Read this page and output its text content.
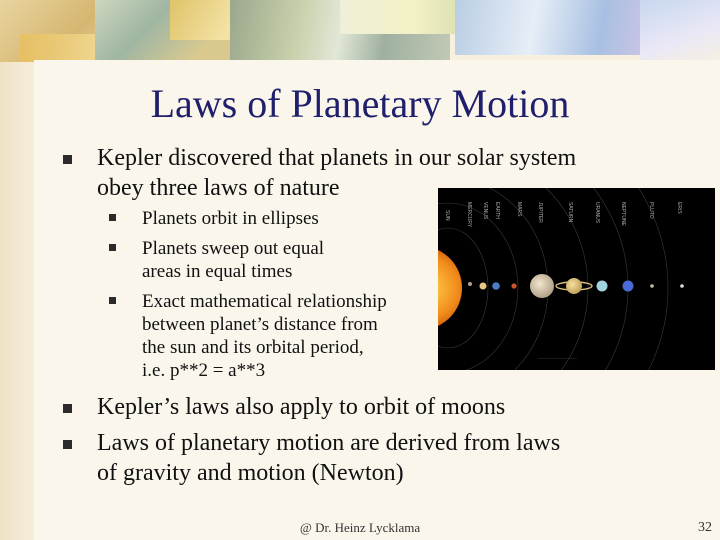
Laws of Planetary Motion
Kepler discovered that planets in our solar system
obey three laws of nature
Planets orbit in ellipses
Planets sweep out equal
areas in equal times
Exact mathematical relationship
between planet’s distance from
the sun and its orbital period,
i.e. p**2 = a**3
SUN	MERCURY VENUS EARTH	MARS	JUPITER	SATURN	URANUS	NEPTUNE	PLUTO	ERIS
______________
Kepler’s laws also apply to orbit of moons
Laws of planetary motion are derived from laws
of gravity and motion (Newton)
@ Dr. Heinz Lycklama	32
